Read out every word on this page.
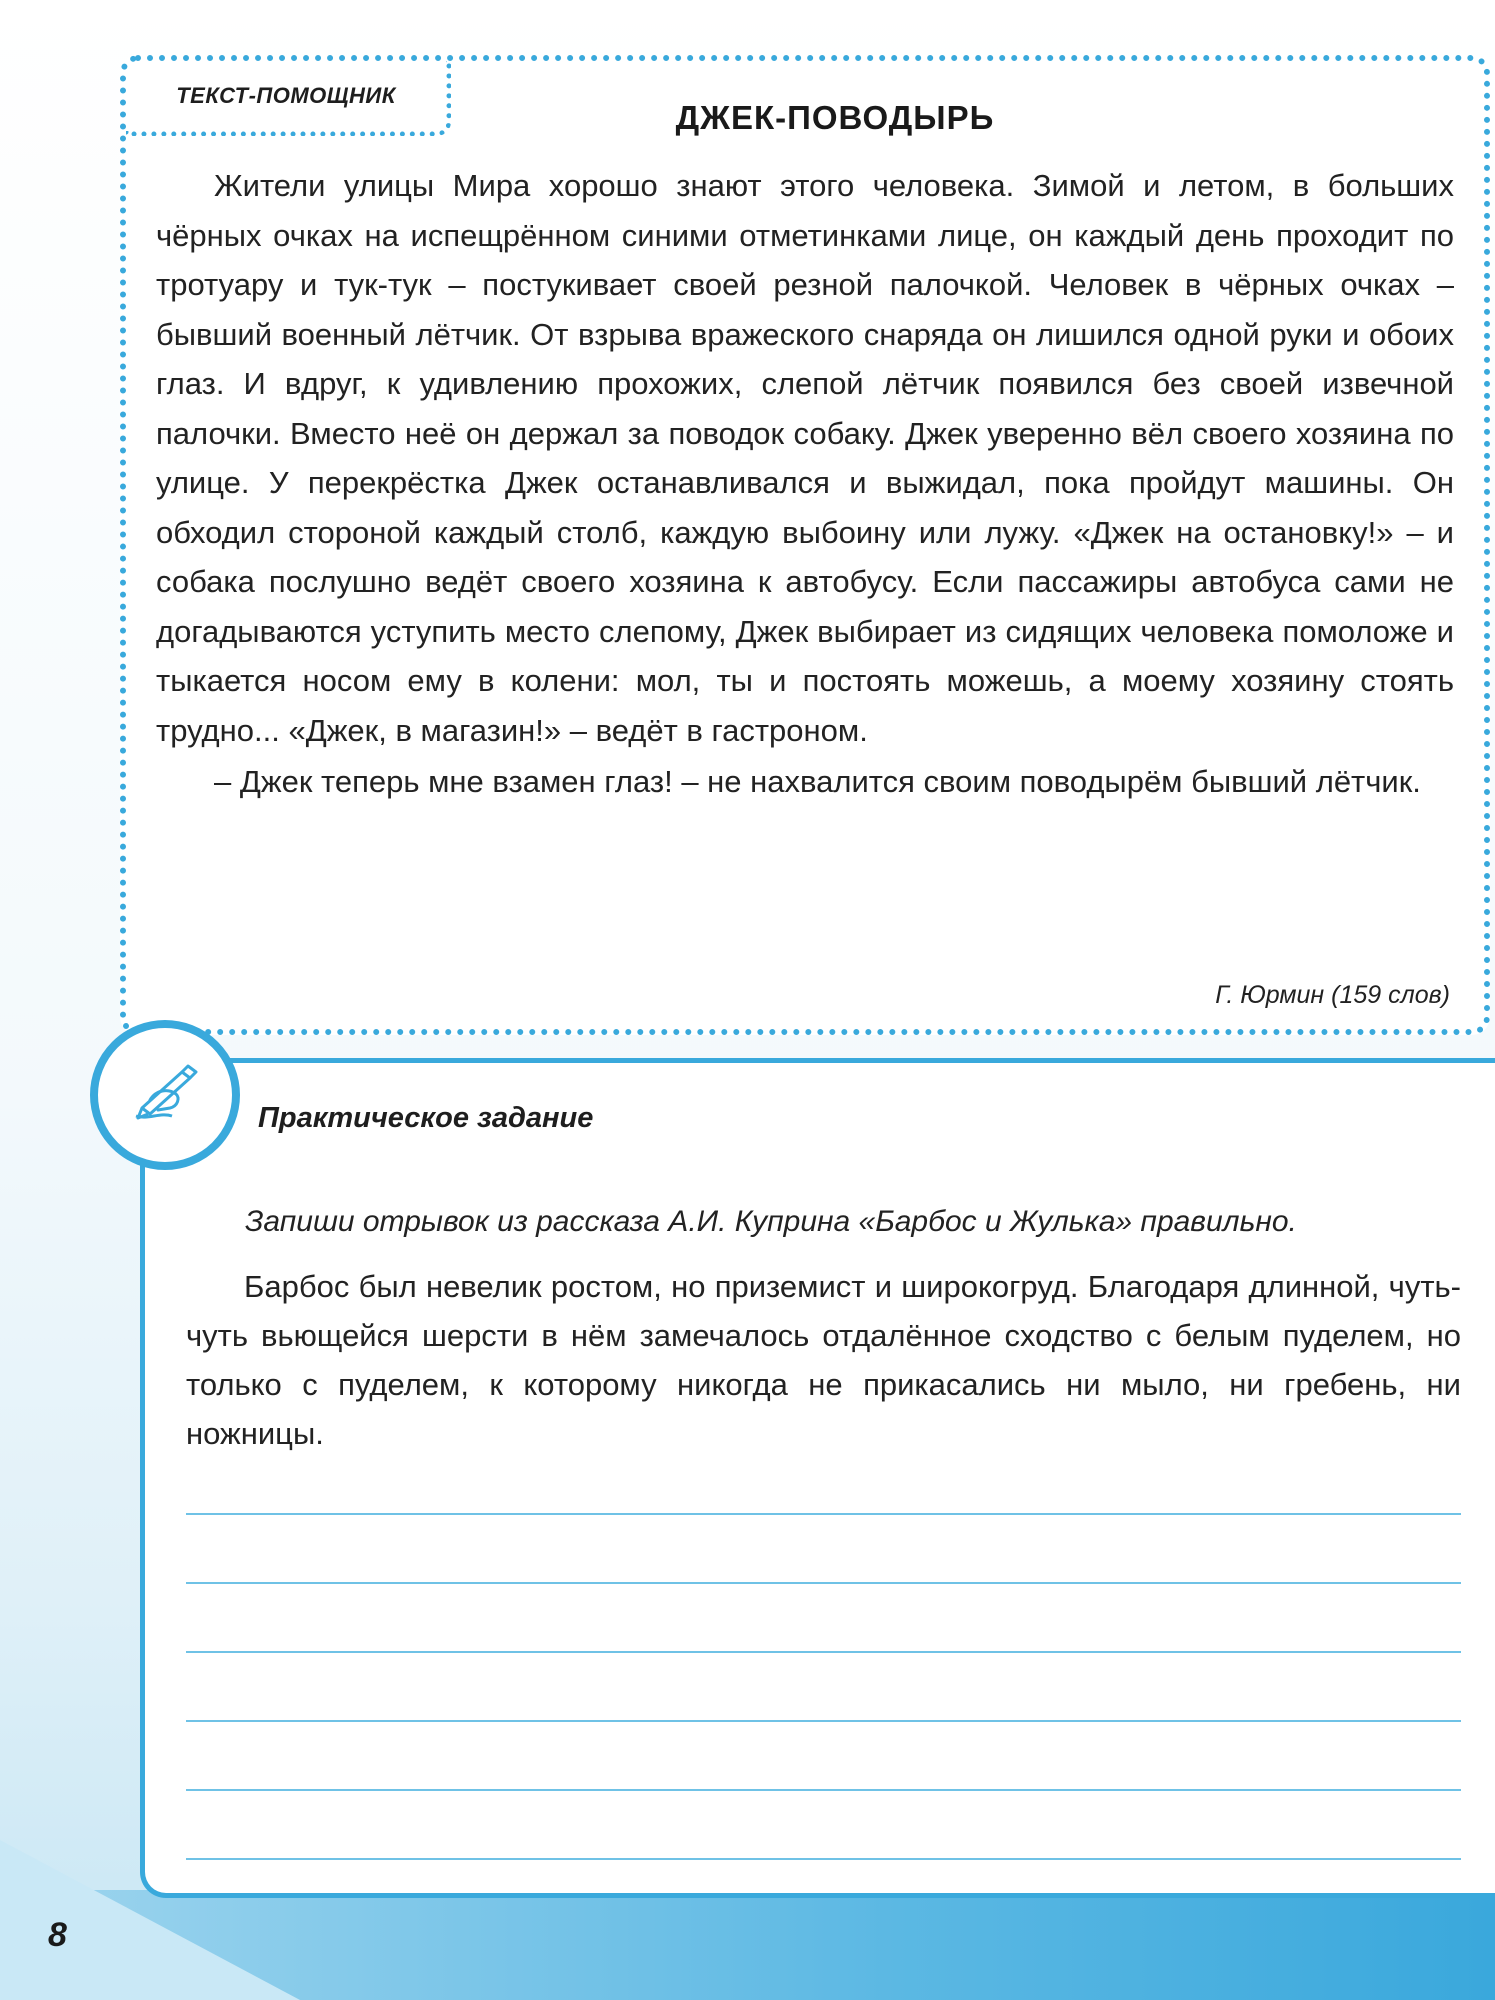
8
ТЕКСТ-ПОМОЩНИК
ДЖЕК-ПОВОДЫРЬ

Жители улицы Мира хорошо знают этого человека. Зимой и летом, в больших чёрных очках на испещрённом синими отметинками лице, он каждый день проходит по тротуару и тук-тук – постукивает своей резной палочкой. Человек в чёрных очках – бывший военный лётчик. От взрыва вражеского снаряда он лишился одной руки и обоих глаз. И вдруг, к удивлению прохожих, слепой лётчик появился без своей извечной палочки. Вместо неё он держал за поводок собаку. Джек уверенно вёл своего хозяина по улице. У перекрёстка Джек останавливался и выжидал, пока пройдут машины. Он обходил стороной каждый столб, каждую выбоину или лужу. «Джек на остановку!» – и собака послушно ведёт своего хозяина к автобусу. Если пассажиры автобуса сами не догадываются уступить место слепому, Джек выбирает из сидящих человека помоложе и тыкается носом ему в колени: мол, ты и постоять можешь, а моему хозяину стоять трудно... «Джек, в магазин!» – ведёт в гастроном.

– Джек теперь мне взамен глаз! – не нахвалится своим поводырём бывший лётчик.

Г. Юрмин (159 слов)
Практическое задание
Запиши отрывок из рассказа А.И. Куприна «Барбос и Жулька» правильно.
Барбос был невелик ростом, но приземист и широкогруд. Благодаря длинной, чуть-чуть вьющейся шерсти в нём замечалось отдалённое сходство с белым пуделем, но только с пуделем, к которому никогда не прикасались ни мыло, ни гребень, ни ножницы.
